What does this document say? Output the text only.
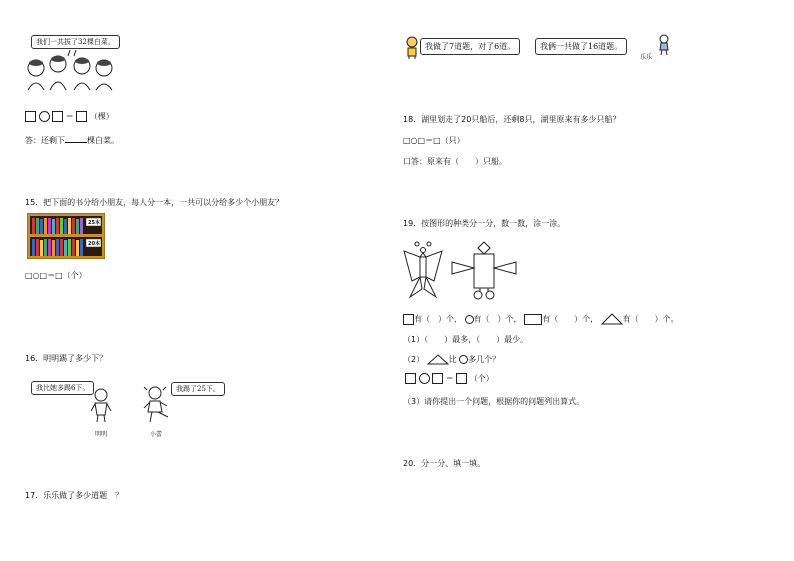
我们一共拔了32棵白菜。
＝  （棵）
答：还剩下	棵白菜。
15．把下面的书分给小朋友，每人分一本，一共可以分给多少个小朋友？
25本
20本
□○□＝□（个）
16．明明踢了多少下？
我比她多踢6下。	我踢了25下。
明明	小蕾
17．乐乐做了多少道题　？
我做了7道题，对了6道。	我俩一共做了16道题。
乐乐
18．湖里划走了20只船后，还剩8只，湖里原来有多少只船？
□○□＝□（只）
口答：原来有（　　）只船。
19．按图形的种类分一分，数一数，涂一涂。
有（　）个， 有（　）个，	有（　　）个，	有（　　）个。
（1）（　　）最多，（　　）最少。
（2）	比 多几个？
＝  （个）
（3）请你提出一个问题，根据你的问题列出算式。
20．分一分、填一填。
